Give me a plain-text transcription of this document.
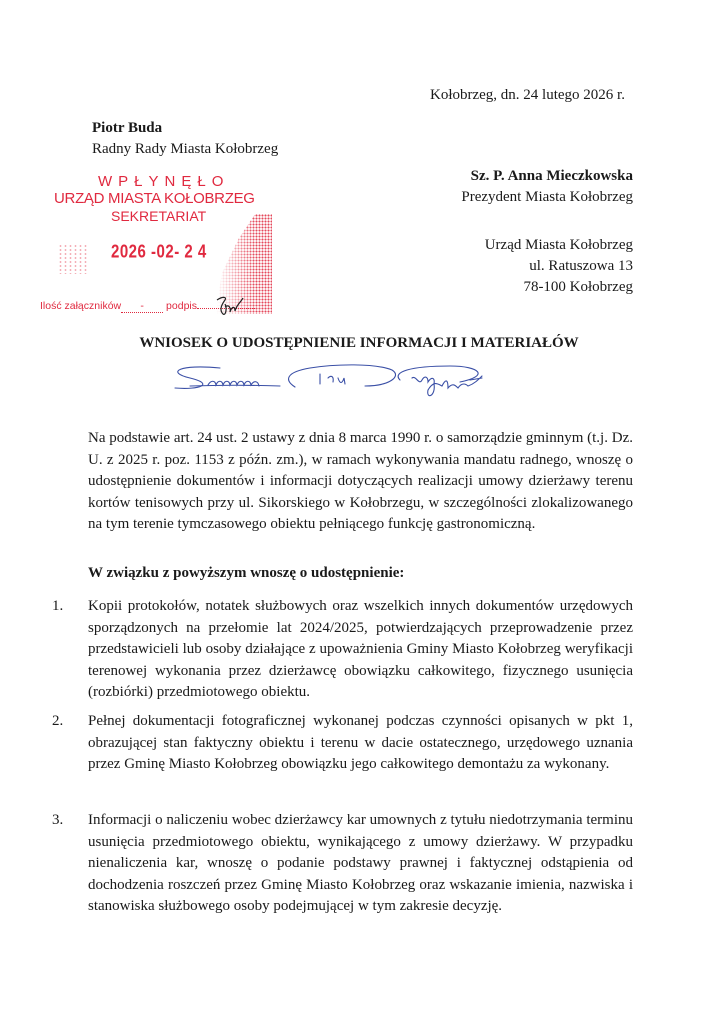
Kołobrzeg, dn. 24 lutego 2026 r.
Piotr Buda
Radny Rady Miasta Kołobrzeg
Sz. P. Anna Mieczkowska
Prezydent Miasta Kołobrzeg
Urząd Miasta Kołobrzeg
ul. Ratuszowa 13
78-100 Kołobrzeg
WPŁYNĘŁO
URZĄD MIASTA KOŁOBRZEG
SEKRETARIAT
2026 -02- 2 4
Ilość załączników - podpis
WNIOSEK O UDOSTĘPNIENIE INFORMACJI I MATERIAŁÓW
Na podstawie art. 24 ust. 2 ustawy z dnia 8 marca 1990 r. o samorządzie gminnym (t.j. Dz. U. z 2025 r. poz. 1153 z późn. zm.), w ramach wykonywania mandatu radnego, wnoszę o udostępnienie dokumentów i informacji dotyczących realizacji umowy dzierżawy terenu kortów tenisowych przy ul. Sikorskiego w Kołobrzegu, w szczególności zlokalizowanego na tym terenie tymczasowego obiektu pełniącego funkcję gastronomiczną.
W związku z powyższym wnoszę o udostępnienie:
1.	Kopii protokołów, notatek służbowych oraz wszelkich innych dokumentów urzędowych sporządzonych na przełomie lat 2024/2025, potwierdzających przeprowadzenie przez przedstawicieli lub osoby działające z upoważnienia Gminy Miasto Kołobrzeg weryfikacji terenowej wykonania przez dzierżawcę obowiązku całkowitego, fizycznego usunięcia (rozbiórki) przedmiotowego obiektu.
2.	Pełnej dokumentacji fotograficznej wykonanej podczas czynności opisanych w pkt 1, obrazującej stan faktyczny obiektu i terenu w dacie ostatecznego, urzędowego uznania przez Gminę Miasto Kołobrzeg obowiązku jego całkowitego demontażu za wykonany.
3.	Informacji o naliczeniu wobec dzierżawcy kar umownych z tytułu niedotrzymania terminu usunięcia przedmiotowego obiektu, wynikającego z umowy dzierżawy. W przypadku nienaliczenia kar, wnoszę o podanie podstawy prawnej i faktycznej odstąpienia od dochodzenia roszczeń przez Gminę Miasto Kołobrzeg oraz wskazanie imienia, nazwiska i stanowiska służbowego osoby podejmującej w tym zakresie decyzję.
